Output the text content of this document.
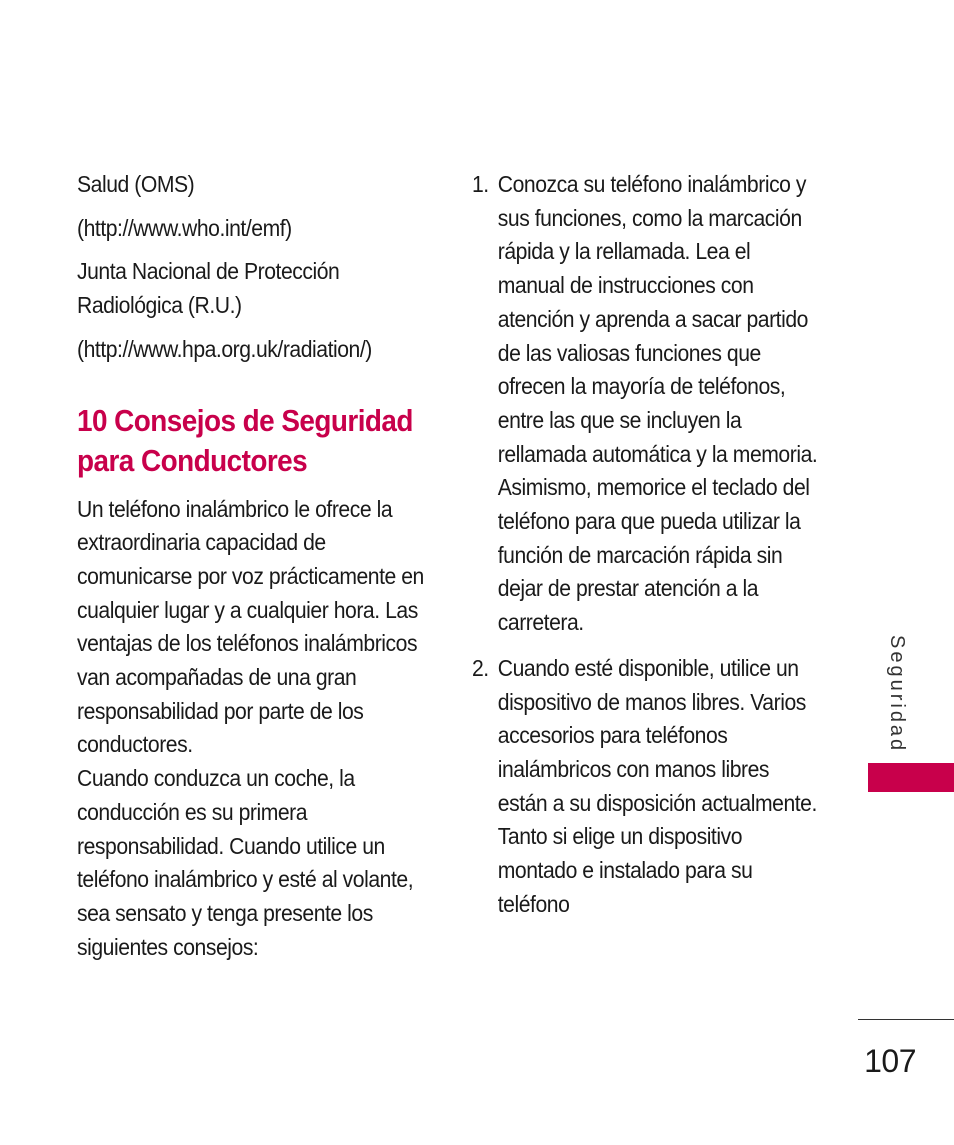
Salud (OMS)

(http://www.who.int/emf)

Junta Nacional de Protección Radiológica (R.U.)

(http://www.hpa.org.uk/radiation/)

10 Consejos de Seguridad para Conductores

Un teléfono inalámbrico le ofrece la extraordinaria capacidad de comunicarse por voz prácticamente en cualquier lugar y a cualquier hora. Las ventajas de los teléfonos inalámbricos van acompañadas de una gran responsabilidad por parte de los conductores.

Cuando conduzca un coche, la conducción es su primera responsabilidad. Cuando utilice un teléfono inalámbrico y esté al volante, sea sensato y tenga presente los siguientes consejos:

1. Conozca su teléfono inalámbrico y sus funciones, como la marcación rápida y la rellamada. Lea el manual de instrucciones con atención y aprenda a sacar partido de las valiosas funciones que ofrecen la mayoría de teléfonos, entre las que se incluyen la rellamada automática y la memoria. Asimismo, memorice el teclado del teléfono para que pueda utilizar la función de marcación rápida sin dejar de prestar atención a la carretera.
2. Cuando esté disponible, utilice un dispositivo de manos libres. Varios accesorios para teléfonos inalámbricos con manos libres están a su disposición actualmente. Tanto si elige un dispositivo montado e instalado para su teléfono
Seguridad
107
